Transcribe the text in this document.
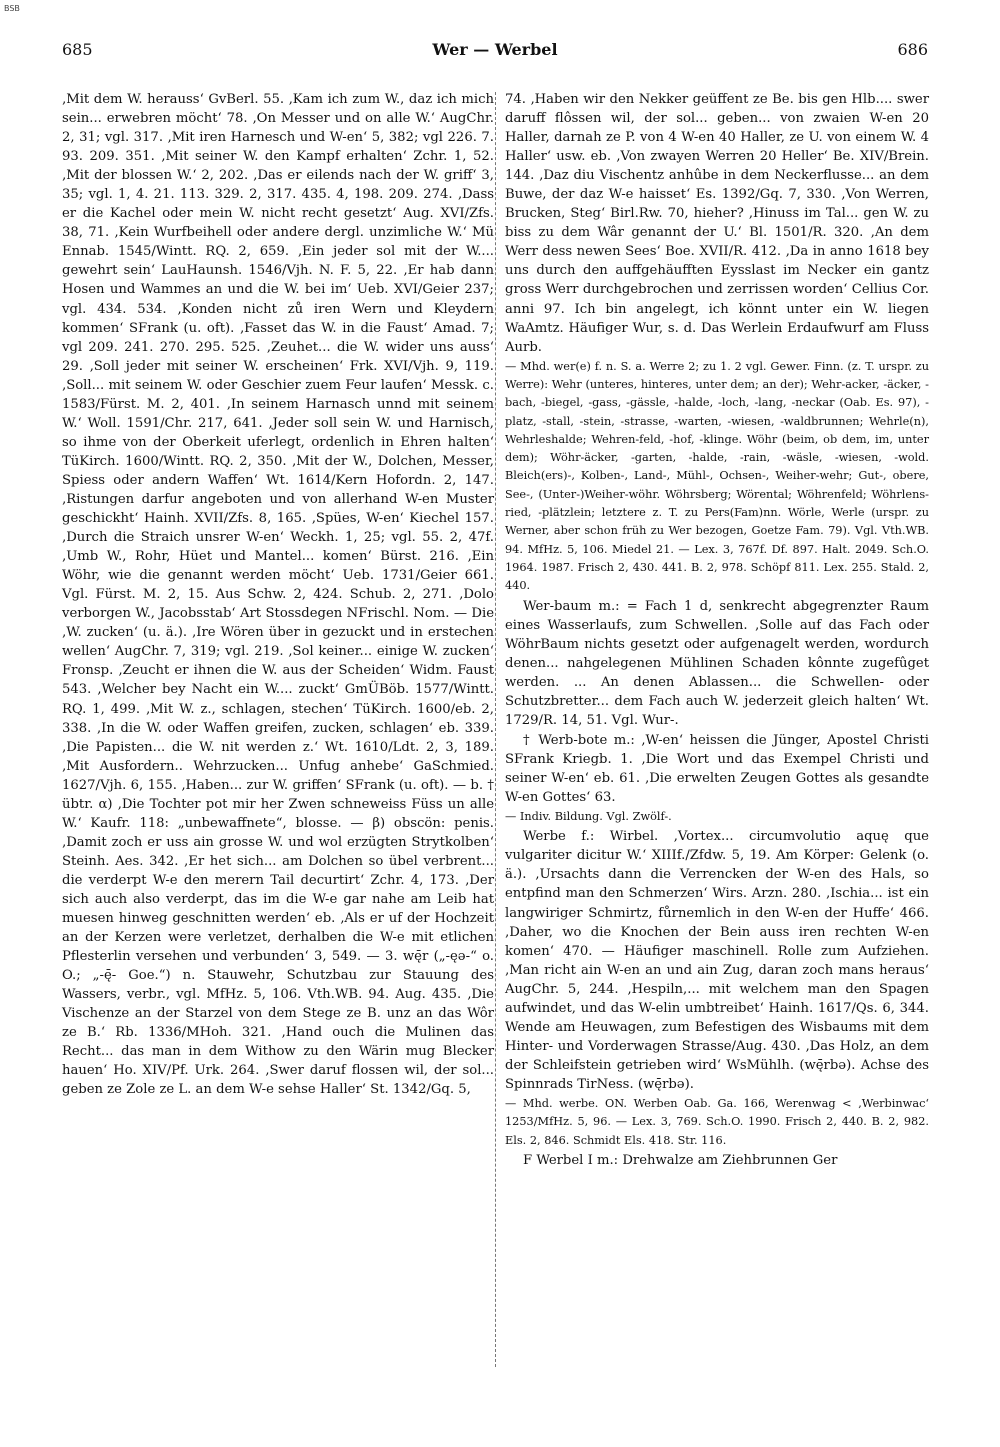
BSB
685	Wer — Werbel	686

‚Mit dem W. herauss‘ GvBerl. 55. ‚Kam ich zum W., daz ich mich sein... erwebren möcht‘ 78. ‚On Messer und on alle W.‘ AugChr. 2, 31; vgl. 317. ‚Mit iren Harnesch und W-en‘ 5, 382; vgl 226. 7. 93. 209. 351. ‚Mit seiner W. den Kampf erhalten‘ Zchr. 1, 52. ‚Mit der blossen W.‘ 2, 202. ‚Das er eilends nach der W. griff‘ 3, 35; vgl. 1, 4. 21. 113. 329. 2, 317. 435. 4, 198. 209. 274. ‚Dass er die Kachel oder mein W. nicht recht gesetzt‘ Aug. XVI/Zfs. 38, 71. ‚Kein Wurfbeihell oder andere dergl. unzimliche W.‘ Mü Ennab. 1545/Wintt. RQ. 2, 659. ‚Ein jeder sol mit der W.... gewehrt sein‘ LauHaunsh. 1546/Vjh. N. F. 5, 22. ‚Er hab dann Hosen und Wammes an und die W. bei im‘ Ueb. XVI/Geier 237; vgl. 434. 534. ‚Konden nicht zů iren Wern und Kleydern kommen‘ SFrank (u. oft). ‚Fasset das W. in die Faust‘ Amad. 7; vgl 209. 241. 270. 295. 525. ‚Zeuhet... die W. wider uns auss‘ 29. ‚Soll jeder mit seiner W. erscheinen‘ Frk. XVI/Vjh. 9, 119. ‚Soll... mit seinem W. oder Geschier zuem Feur laufen‘ Messk. c. 1583/Fürst. M. 2, 401. ‚In seinem Harnasch unnd mit seinem W.‘ Woll. 1591/Chr. 217, 641. ‚Jeder soll sein W. und Harnisch, so ihme von der Oberkeit uferlegt, ordenlich in Ehren halten‘ TüKirch. 1600/Wintt. RQ. 2, 350. ‚Mit der W., Dolchen, Messer, Spiess oder andern Waffen‘ Wt. 1614/Kern Hofordn. 2, 147. ‚Ristungen darfur angeboten und von allerhand W-en Muster geschickht‘ Hainh. XVII/Zfs. 8, 165. ‚Spües, W-en‘ Kiechel 157. ‚Durch die Straich unsrer W-en‘ Weckh. 1, 25; vgl. 55. 2, 47f. ‚Umb W., Rohr, Hüet und Mantel... komen‘ Bürst. 216. ‚Ein Wöhr, wie die genannt werden möcht‘ Ueb. 1731/Geier 661. Vgl. Fürst. M. 2, 15. Aus Schw. 2, 424. Schub. 2, 271. ‚Dolo verborgen W., Jacobsstab‘ Art Stossdegen NFrischl. Nom. — Die ‚W. zucken‘ (u. ä.). ‚Ire Wören über in gezuckt und in erstechen wellen‘ AugChr. 7, 319; vgl. 219. ‚Sol keiner... einige W. zucken‘ Fronsp. ‚Zeucht er ihnen die W. aus der Scheiden‘ Widm. Faust 543. ‚Welcher bey Nacht ein W.... zuckt‘ GmÜBöb. 1577/Wintt. RQ. 1, 499. ‚Mit W. z., schlagen, stechen‘ TüKirch. 1600/eb. 2, 338. ‚In die W. oder Waffen greifen, zucken, schlagen‘ eb. 339. ‚Die Papisten... die W. nit werden z.‘ Wt. 1610/Ldt. 2, 3, 189. ‚Mit Ausfordern.. Wehrzucken... Unfug anhebe‘ GaSchmied. 1627/Vjh. 6, 155. ‚Haben... zur W. griffen‘ SFrank (u. oft). — b. † übtr. α) ‚Die Tochter pot mir her Zwen schneweiss Füss un alle W.‘ Kaufr. 118: „unbewaffnete“, blosse. — β) obscön: penis. ‚Damit zoch er uss ain grosse W. und wol erzügten Strytkolben‘ Steinh. Aes. 342. ‚Er het sich... am Dolchen so übel verbrent... die verderpt W-e den merern Tail decurtirt‘ Zchr. 4, 173. ‚Der sich auch also verderpt, das im die W-e gar nahe am Leib hat muesen hinweg geschnitten werden‘ eb. ‚Als er uf der Hochzeit an der Kerzen were verletzet, derhalben die W-e mit etlichen Pflesterlin versehen und verbunden‘ 3, 549. — 3. wę̄r („-ęə-“ o. O.; „-ę̄- Goe.“) n. Stauwehr, Schutzbau zur Stauung des Wassers, verbr., vgl. MfHz. 5, 106. Vth.WB. 94. Aug. 435. ‚Die Vischenze an der Starzel von dem Stege ze B. unz an das Wôr ze B.‘ Rb. 1336/MHoh. 321. ‚Hand ouch die Mulinen das Recht... das man in dem Withow zu den Wärin mug Blecker hauen‘ Ho. XIV/Pf. Urk. 264. ‚Swer daruf flossen wil, der sol... geben ze Zole ze L. an dem W-e sehse Haller‘ St. 1342/Gq. 5,

74. ‚Haben wir den Nekker geüffent ze Be. bis gen Hlb.... swer daruff flôssen wil, der sol... geben... von zwaien W-en 20 Haller, darnah ze P. von 4 W-en 40 Haller, ze U. von einem W. 4 Haller‘ usw. eb. ‚Von zwayen Werren 20 Heller‘ Be. XIV/Brein. 144. ‚Daz diu Vischentz anhûbe in dem Neckerflusse... an dem Buwe, der daz W-e haisset‘ Es. 1392/Gq. 7, 330. ‚Von Werren, Brucken, Steg‘ Birl.Rw. 70, hieher? ‚Hinuss im Tal... gen W. zu biss zu dem Wâr genannt der U.‘ Bl. 1501/R. 320. ‚An dem Werr dess newen Sees‘ Boe. XVII/R. 412. ‚Da in anno 1618 bey uns durch den auffgehäufften Eysslast im Necker ein gantz gross Werr durchgebrochen und zerrissen worden‘ Cellius Cor. anni 97. Ich bin angelegt, ich könnt unter ein W. liegen WaAmtz. Häufiger Wur, s. d. Das Werlein Erdaufwurf am Fluss Aurb.

— Mhd. wer(e) f. n. S. a. Werre 2; zu 1. 2 vgl. Gewer. Finn. (z. T. urspr. zu Werre): Wehr (unteres, hinteres, unter dem; an der); Wehr-acker, -äcker, -bach, -biegel, -gass, -gässle, -halde, -loch, -lang, -neckar (Oab. Es. 97), -platz, -stall, -stein, -strasse, -warten, -wiesen, -waldbrunnen; Wehrle(n), Wehrleshalde; Wehren-feld, -hof, -klinge. Wöhr (beim, ob dem, im, unter dem); Wöhr-äcker, -garten, -halde, -rain, -wäsle, -wiesen, -wold. Bleich(ers)-, Kolben-, Land-, Mühl-, Ochsen-, Weiher-wehr; Gut-, obere, See-, (Unter-)Weiher-wöhr. Wöhrsberg; Wörental; Wöhrenfeld; Wöhrlens-ried, -plätzlein; letztere z. T. zu Pers(Fam)nn. Wörle, Werle (urspr. zu Werner, aber schon früh zu Wer bezogen, Goetze Fam. 79). Vgl. Vth.WB. 94. MfHz. 5, 106. Miedel 21. — Lex. 3, 767f. Df. 897. Halt. 2049. Sch.O. 1964. 1987. Frisch 2, 430. 441. B. 2, 978. Schöpf 811. Lex. 255. Stald. 2, 440.

Wer-baum m.: = Fach 1 d, senkrecht abgegrenzter Raum eines Wasserlaufs, zum Schwellen. ‚Solle auf das Fach oder WöhrBaum nichts gesetzt oder aufgenagelt werden, wordurch denen... nahgelegenen Mühlinen Schaden kônnte zugefûget werden. ... An denen Ablassen... die Schwellen- oder Schutzbretter... dem Fach auch W. jederzeit gleich halten‘ Wt. 1729/R. 14, 51. Vgl. Wur-.

† Werb-bote m.: ‚W-en‘ heissen die Jünger, Apostel Christi SFrank Kriegb. 1. ‚Die Wort und das Exempel Christi und seiner W-en‘ eb. 61. ‚Die erwelten Zeugen Gottes als gesandte W-en Gottes‘ 63.

— Indiv. Bildung. Vgl. Zwölf-.

Werbe f.: Wirbel. ‚Vortex... circumvolutio aquę que vulgariter dicitur W.‘ XIIIf./Zfdw. 5, 19. Am Körper: Gelenk (o. ä.). ‚Ursachts dann die Verrencken der W-en des Hals, so entpfind man den Schmerzen‘ Wirs. Arzn. 280. ‚Ischia... ist ein langwiriger Schmirtz, fůrnemlich in den W-en der Huffe‘ 466. ‚Daher, wo die Knochen der Bein auss iren rechten W-en komen‘ 470. — Häufiger maschinell. Rolle zum Aufziehen. ‚Man richt ain W-en an und ain Zug, daran zoch mans heraus‘ AugChr. 5, 244. ‚Hespiln,... mit welchem man den Spagen aufwindet, und das W-elin umbtreibet‘ Hainh. 1617/Qs. 6, 344. Wende am Heuwagen, zum Befestigen des Wisbaums mit dem Hinter- und Vorderwagen Strasse/Aug. 430. ‚Das Holz, an dem der Schleifstein getrieben wird‘ WsMühlh. (wę̄rbə). Achse des Spinnrads TirNess. (wę̄rbə).

— Mhd. werbe. ON. Werben Oab. Ga. 166, Werenwag < ‚Werbinwac‘ 1253/MfHz. 5, 96. — Lex. 3, 769. Sch.O. 1990. Frisch 2, 440. B. 2, 982. Els. 2, 846. Schmidt Els. 418. Str. 116.

F Werbel I m.: Drehwalze am Ziehbrunnen Ger
